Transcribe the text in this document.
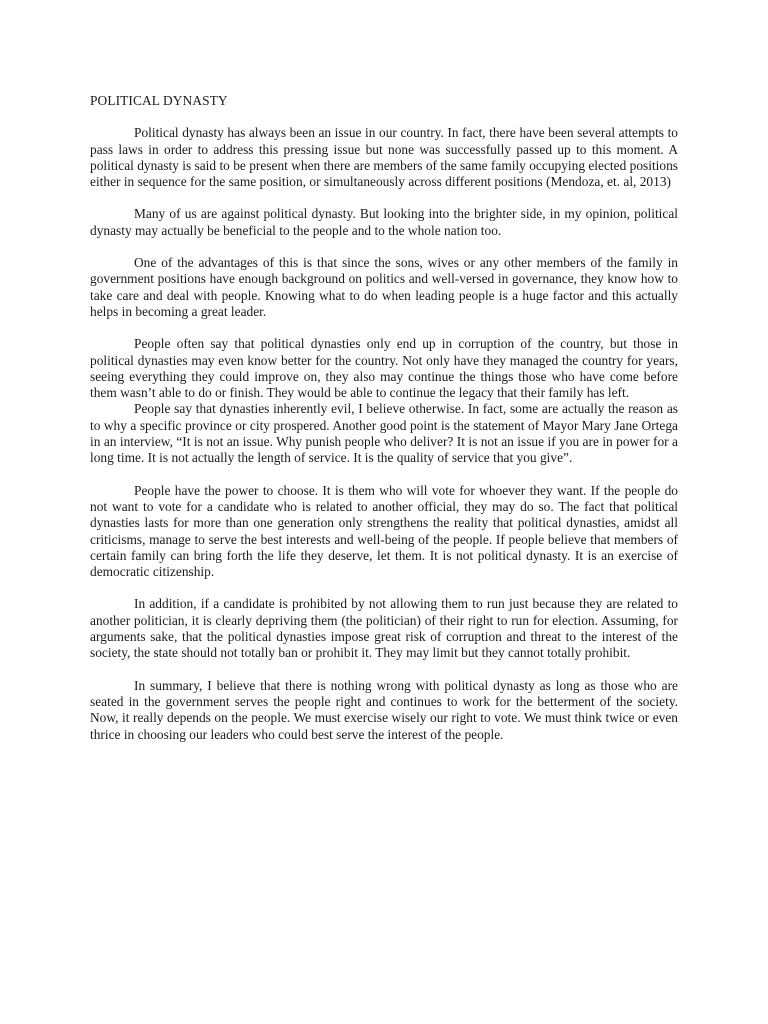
POLITICAL DYNASTY

Political dynasty has always been an issue in our country. In fact, there have been several attempts to pass laws in order to address this pressing issue but none was successfully passed up to this moment. A political dynasty is said to be present when there are members of the same family occupying elected positions either in sequence for the same position, or simultaneously across different positions (Mendoza, et. al, 2013)

Many of us are against political dynasty. But looking into the brighter side, in my opinion, political dynasty may actually be beneficial to the people and to the whole nation too.

One of the advantages of this is that since the sons, wives or any other members of the family in government positions have enough background on politics and well-versed in governance, they know how to take care and deal with people. Knowing what to do when leading people is a huge factor and this actually helps in becoming a great leader.

People often say that political dynasties only end up in corruption of the country, but those in political dynasties may even know better for the country. Not only have they managed the country for years, seeing everything they could improve on, they also may continue the things those who have come before them wasn’t able to do or finish. They would be able to continue the legacy that their family has left.

People say that dynasties inherently evil, I believe otherwise. In fact, some are actually the reason as to why a specific province or city prospered. Another good point is the statement of Mayor Mary Jane Ortega in an interview, “It is not an issue. Why punish people who deliver? It is not an issue if you are in power for a long time. It is not actually the length of service. It is the quality of service that you give”.

People have the power to choose. It is them who will vote for whoever they want. If the people do not want to vote for a candidate who is related to another official, they may do so. The fact that political dynasties lasts for more than one generation only strengthens the reality that political dynasties, amidst all criticisms, manage to serve the best interests and well-being of the people. If people believe that members of certain family can bring forth the life they deserve, let them. It is not political dynasty. It is an exercise of democratic citizenship.

In addition, if a candidate is prohibited by not allowing them to run just because they are related to another politician, it is clearly depriving them (the politician) of their right to run for election. Assuming, for arguments sake, that the political dynasties impose great risk of corruption and threat to the interest of the society, the state should not totally ban or prohibit it. They may limit but they cannot totally prohibit.

In summary, I believe that there is nothing wrong with political dynasty as long as those who are seated in the government serves the people right and continues to work for the betterment of the society. Now, it really depends on the people. We must exercise wisely our right to vote. We must think twice or even thrice in choosing our leaders who could best serve the interest of the people.
